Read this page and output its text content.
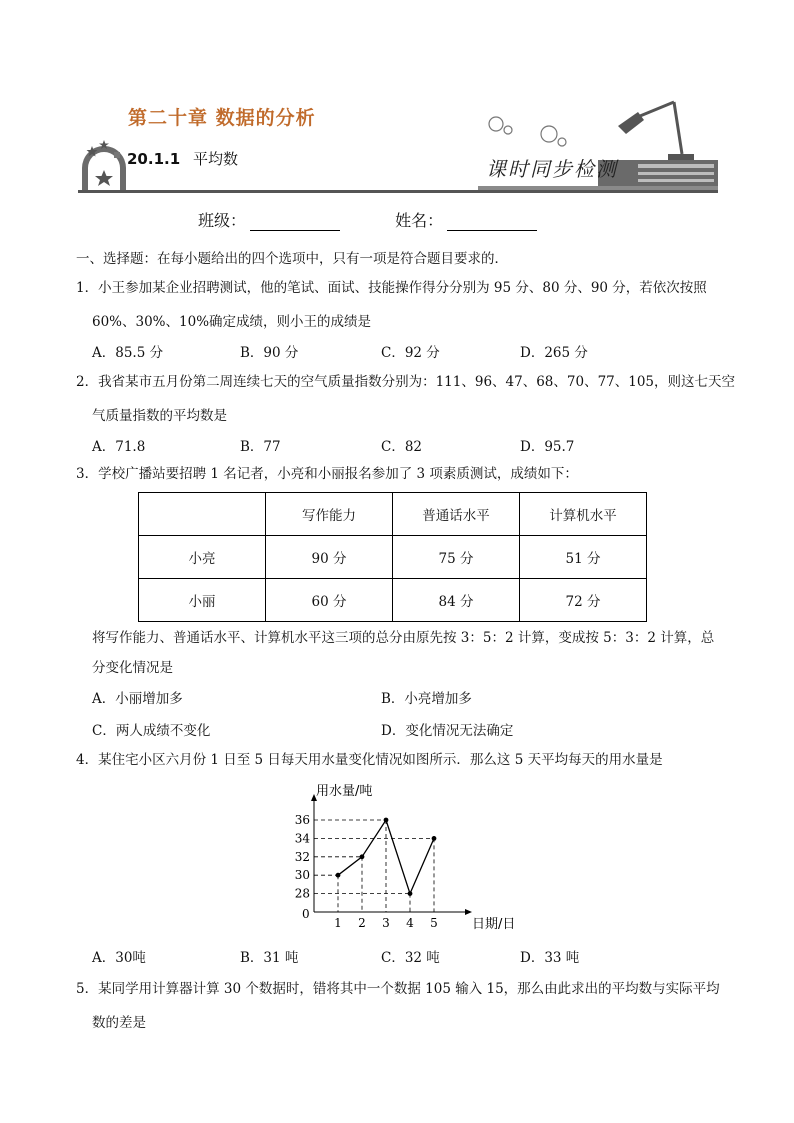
第二十章 数据的分析
20.1.1 平均数	课时同步检测
班级：	姓名：
一、选择题：在每小题给出的四个选项中，只有一项是符合题目要求的．
1．小王参加某企业招聘测试，他的笔试、面试、技能操作得分分别为 95 分、80 分、90 分，若依次按照
60%、30%、10%确定成绩，则小王的成绩是
A．85.5 分	B．90 分	C．92 分	D．265 分
2．我省某市五月份第二周连续七天的空气质量指数分别为：111、96、47、68、70、77、105，则这七天空
气质量指数的平均数是
A．71.8	B．77	C．82	D．95.7
3．学校广播站要招聘 1 名记者，小亮和小丽报名参加了 3 项素质测试，成绩如下：
	写作能力	普通话水平	计算机水平
小亮	90 分	75 分	51 分
小丽	60 分	84 分	72 分
将写作能力、普通话水平、计算机水平这三项的总分由原先按 3：5：2 计算，变成按 5：3：2 计算，总
分变化情况是
A．小丽增加多	B．小亮增加多
C．两人成绩不变化	D．变化情况无法确定
4．某住宅小区六月份 1 日至 5 日每天用水量变化情况如图所示．那么这 5 天平均每天的用水量是
用水量/吨
日期/日
0
28
30
32
34
36
1 2 3 4 5
A．30吨	B．31 吨	C．32 吨	D．33 吨
5．某同学用计算器计算 30 个数据时，错将其中一个数据 105 输入 15，那么由此求出的平均数与实际平均
数的差是
